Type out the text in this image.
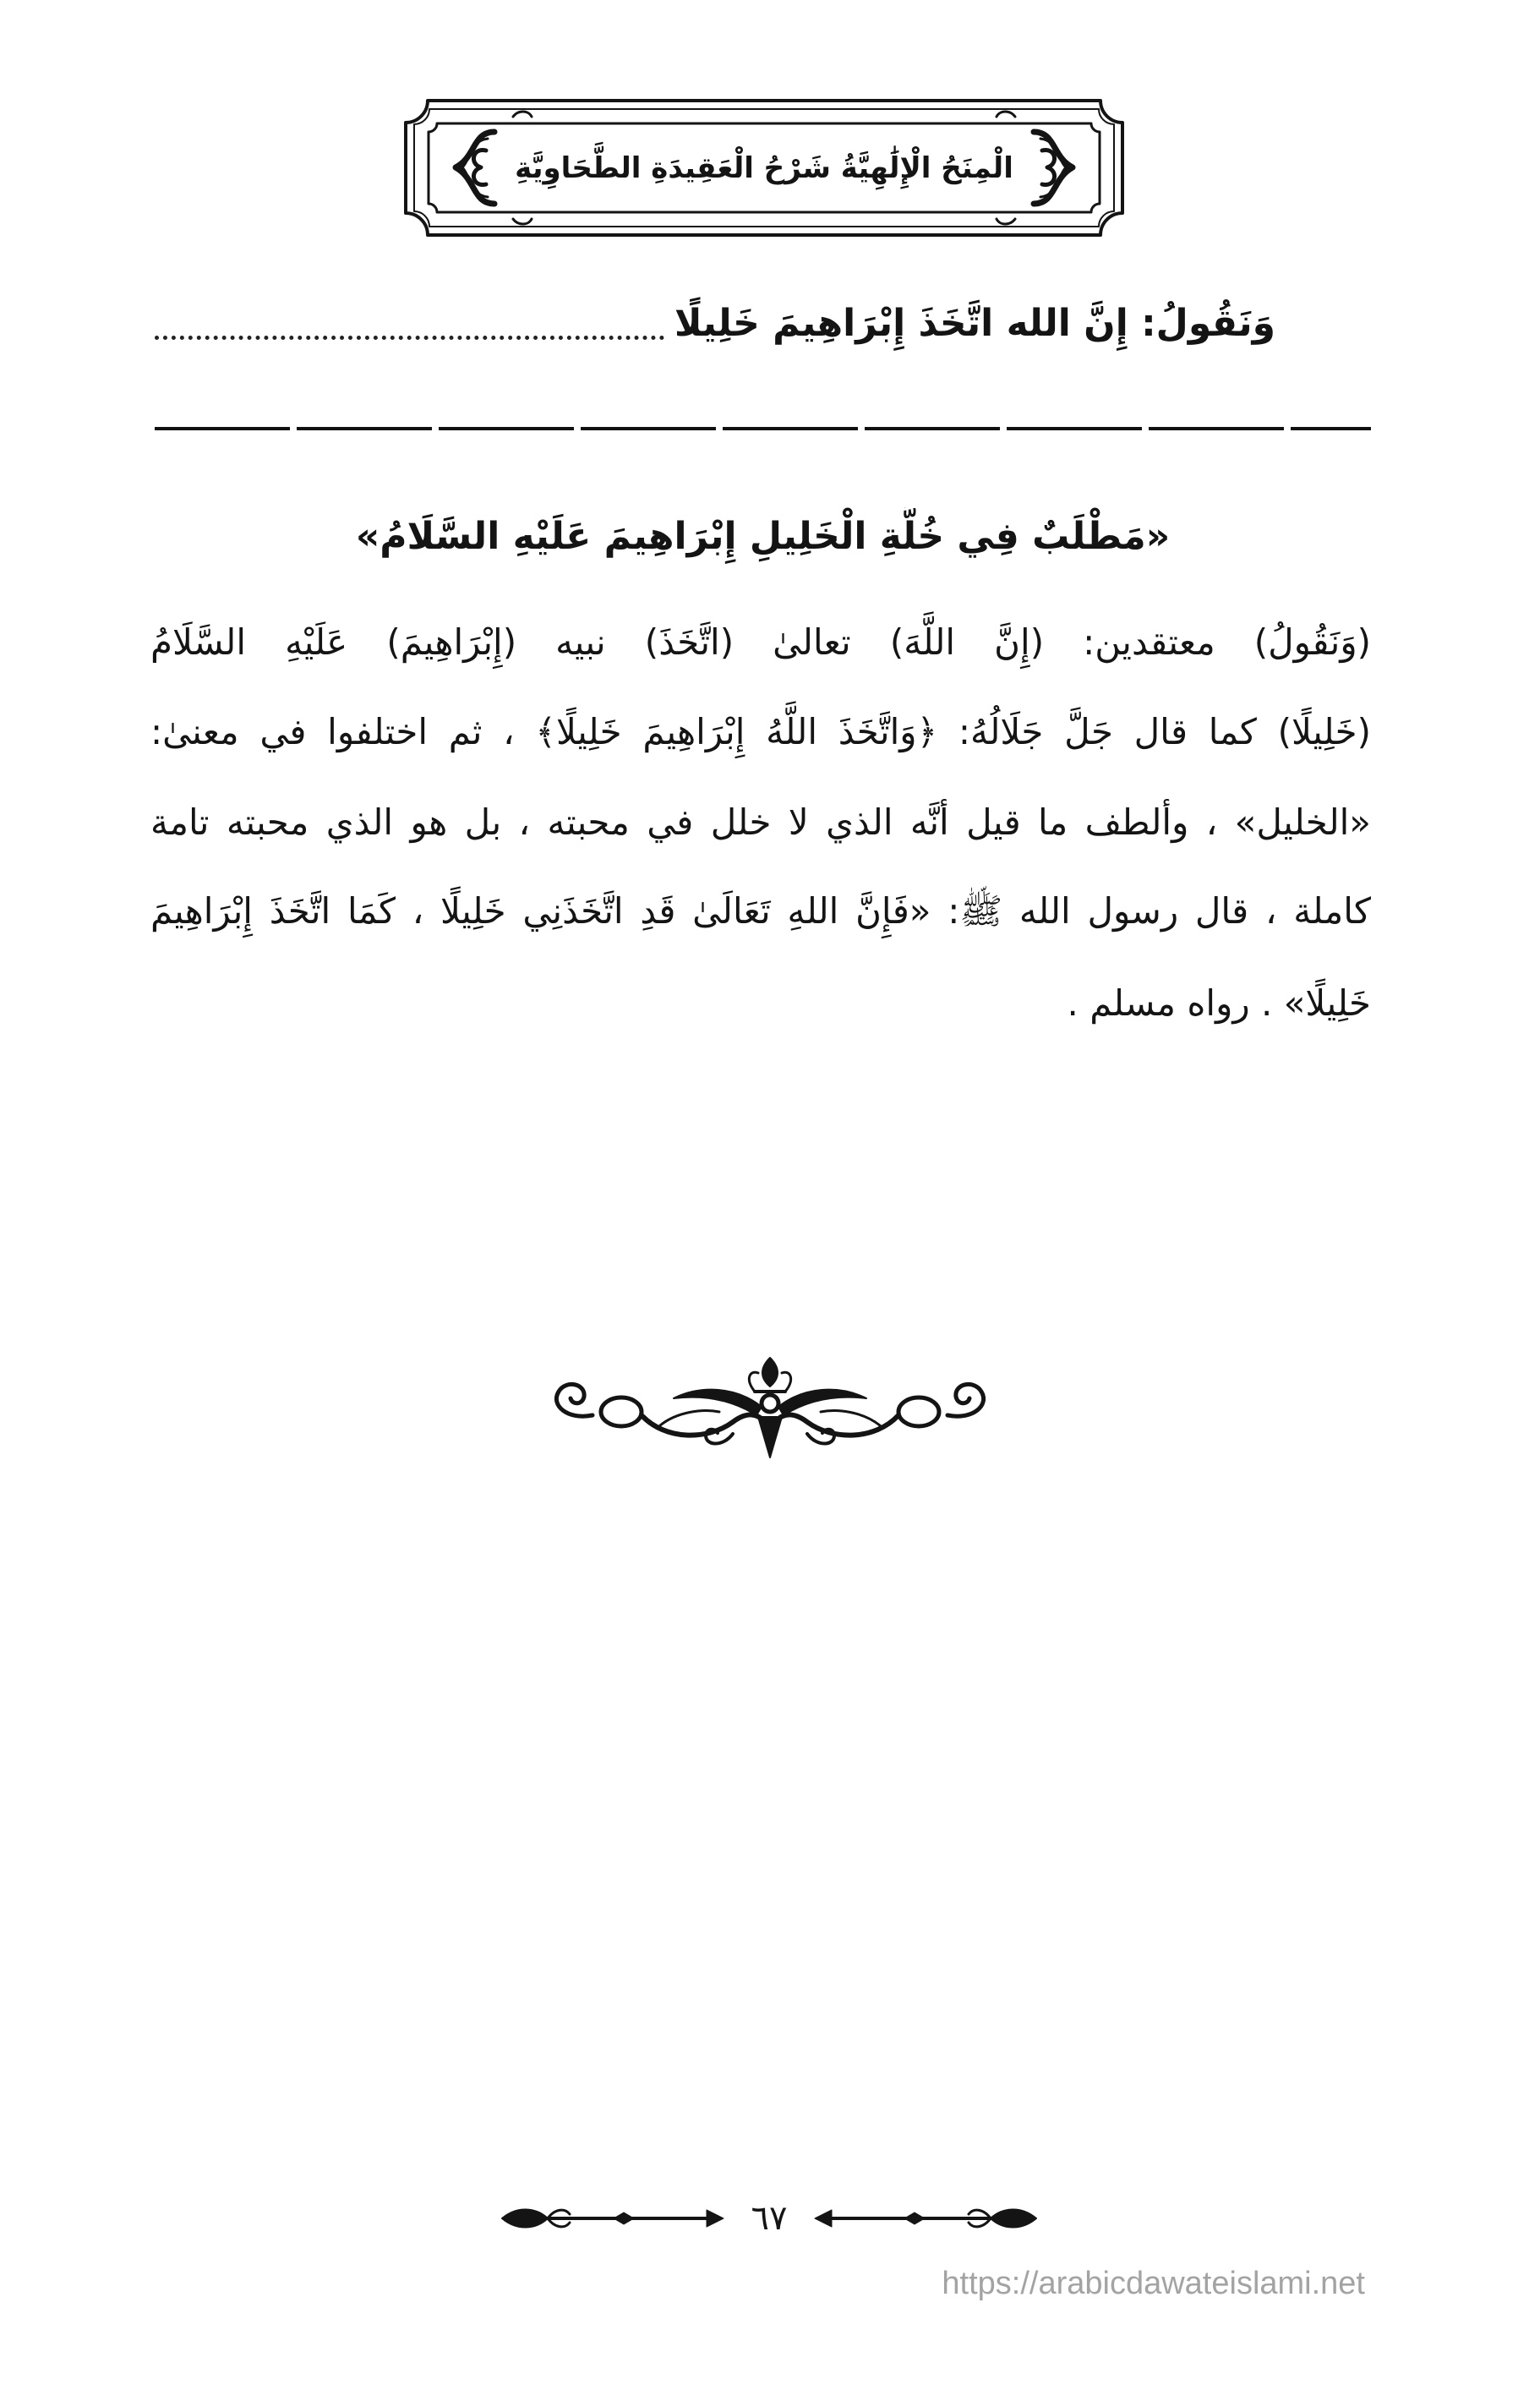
الْمِنَحُ الْإِلَٰهِيَّةُ شَرْحُ الْعَقِيدَةِ الطَّحَاوِيَّةِ
وَنَقُولُ: إِنَّ الله اتَّخَذَ إِبْرَاهِيمَ خَلِيلًا
«مَطْلَبٌ فِي خُلَّةِ الْخَلِيلِ إِبْرَاهِيمَ عَلَيْهِ السَّلَامُ»
(وَنَقُولُ) معتقدين: (إِنَّ اللَّهَ) تعالىٰ (اتَّخَذَ) نبيه (إِبْرَاهِيمَ) عَلَيْهِ السَّلَامُ
(خَلِيلًا) كما قال جَلَّ جَلَالُهُ: ﴿وَاتَّخَذَ اللَّهُ إِبْرَاهِيمَ خَلِيلًا﴾ ، ثم اختلفوا في معنىٰ:
«الخليل» ، وألطف ما قيل أنَّه الذي لا خلل في محبته ، بل هو الذي محبته تامة
كاملة ، قال رسول الله ﷺ: «فَإِنَّ اللهِ تَعَالَىٰ قَدِ اتَّخَذَنِي خَلِيلًا ، كَمَا اتَّخَذَ إِبْرَاهِيمَ
خَلِيلًا» . رواه مسلم .
٦٧
https://arabicdawateislami.net
